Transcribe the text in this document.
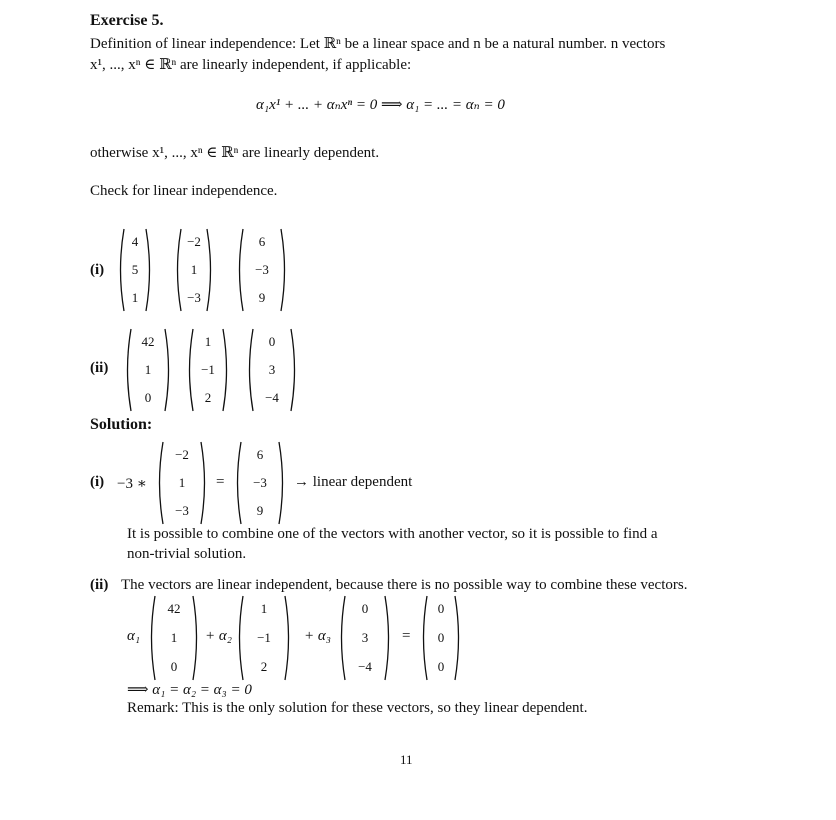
Exercise 5.
Definition of linear independence: Let ℝⁿ be a linear space and n be a natural number. n vectors
x¹, ..., xⁿ ∈ ℝⁿ are linearly independent, if applicable:
α₁x¹ + ... + αₙxⁿ = 0 ⟹ α₁ = ... = αₙ = 0
otherwise x¹, ..., xⁿ ∈ ℝⁿ are linearly dependent.
Check for linear independence.
(i)
4
5
1
−2
1
−3
6
−3
9
(ii)
42
1
0
1
−1
2
0
3
−4
Solution:
(i) −3 ∗
−2
1
−3
=
6
−3
9
→ linear dependent
It is possible to combine one of the vectors with another vector, so it is possible to find a
non-trivial solution.
(ii) The vectors are linear independent, because there is no possible way to combine these vectors.
α₁
42
1
0
+ α₂
1
−1
2
+ α₃
0
3
−4
=
0
0
0
⟹ α₁ = α₂ = α₃ = 0
Remark: This is the only solution for these vectors, so they linear dependent.
11
